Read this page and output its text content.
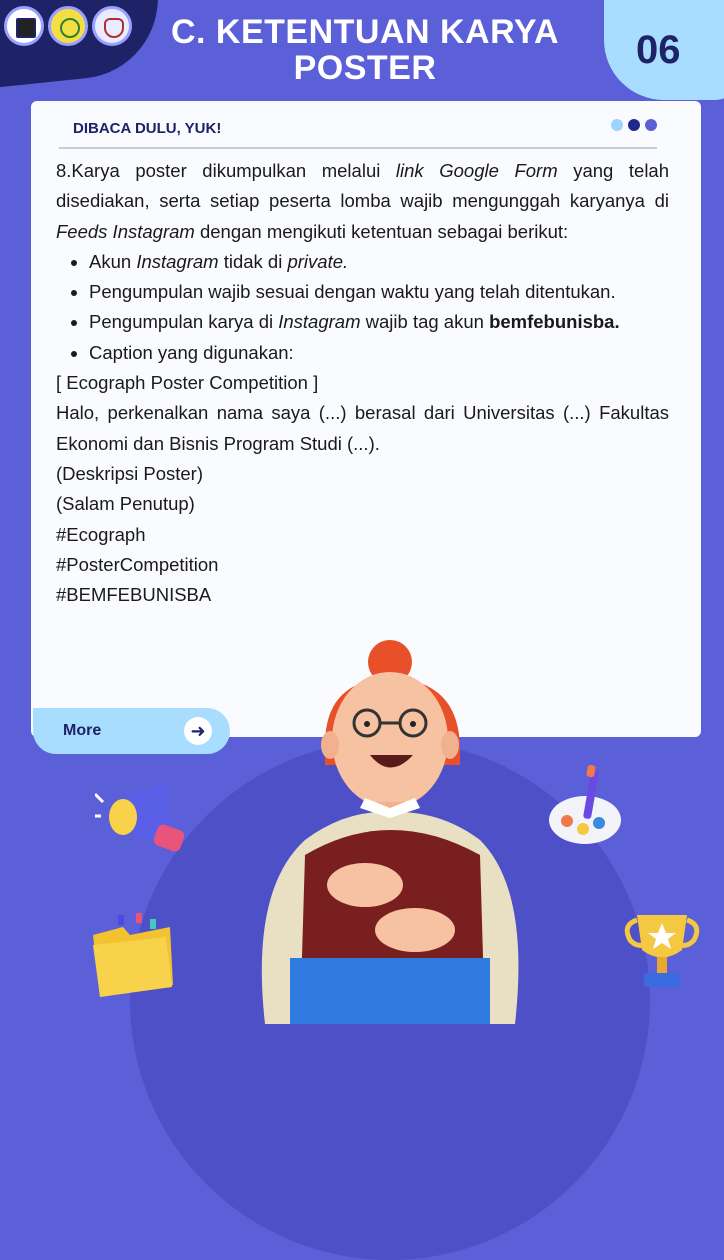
C. KETENTUAN KARYA POSTER	06
DIBACA DULU, YUK!

8.Karya poster dikumpulkan melalui link Google Form yang telah disediakan, serta setiap peserta lomba wajib mengunggah karyanya di Feeds Instagram dengan mengikuti ketentuan sebagai berikut:

• Akun Instagram tidak di private.
• Pengumpulan wajib sesuai dengan waktu yang telah ditentukan.
• Pengumpulan karya di Instagram wajib tag akun bemfebunisba.
• Caption yang digunakan:

[ Ecograph Poster Competition ]

Halo, perkenalkan nama saya (...) berasal dari Universitas (...) Fakultas Ekonomi dan Bisnis Program Studi (...).

(Deskripsi Poster)

(Salam Penutup)

#Ecograph

#PosterCompetition

#BEMFEBUNISBA

More	➜
